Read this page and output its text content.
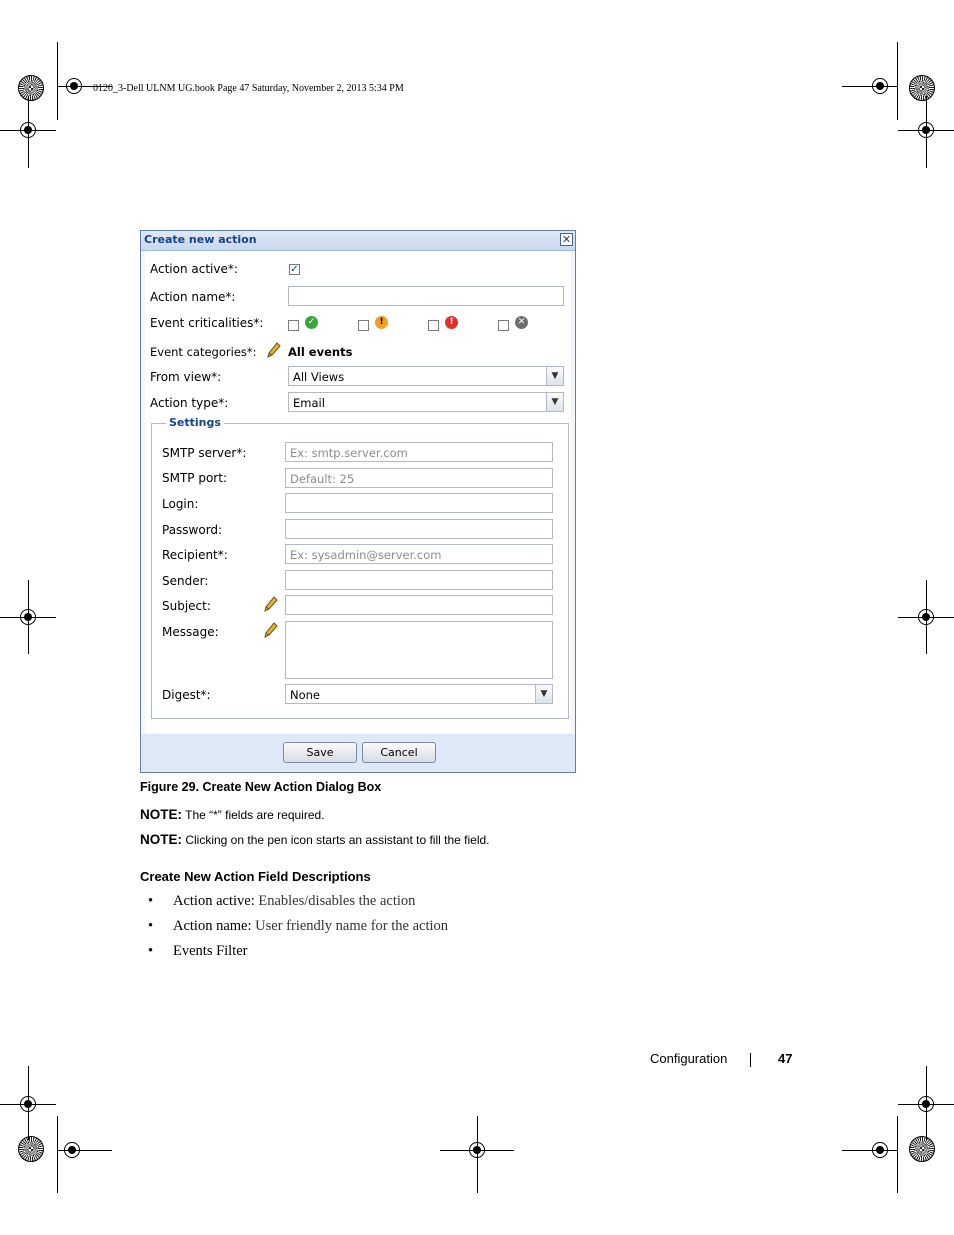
0120_3-Dell ULNM UG.book Page 47 Saturday, November 2, 2013 5:34 PM
Create new action	✕
Action active*:	✓
Action name*:
Event criticalities*:	✓	!	!	✕
Event categories*:	All events
From view*:	All Views	▼
Action type*:	Email	▼
Settings
SMTP server*:	Ex: smtp.server.com
SMTP port:	Default: 25
Login:
Password:
Recipient*:	Ex: sysadmin@server.com
Sender:
Subject:
Message:
Digest*:	None	▼
Save	Cancel
Figure 29. Create New Action Dialog Box
NOTE: The “*” fields are required.
NOTE: Clicking on the pen icon starts an assistant to fill the field.
Create New Action Field Descriptions
• Action active: Enables/disables the action
• Action name: User friendly name for the action
• Events Filter
Configuration	47
